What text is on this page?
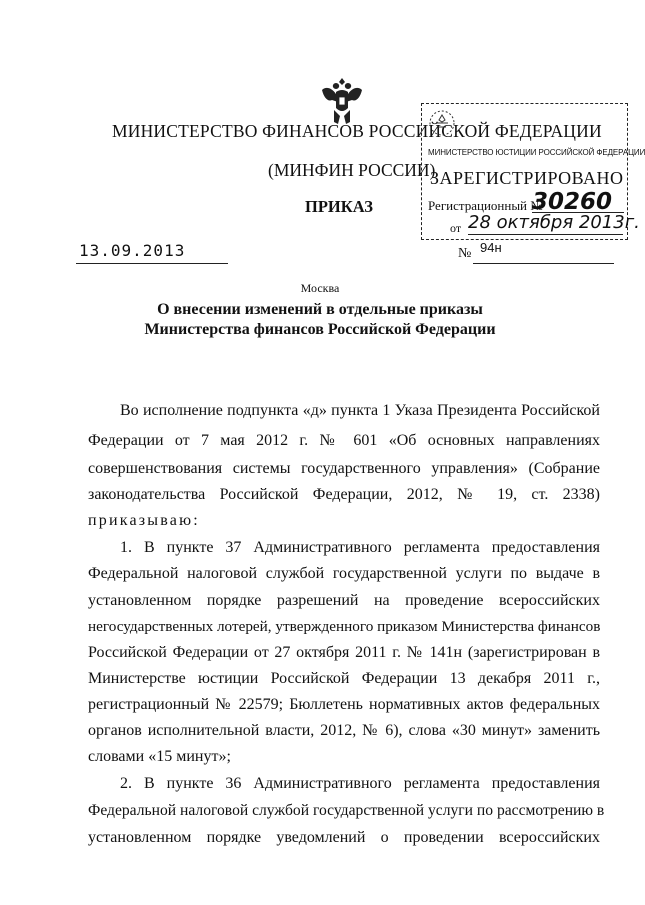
МИНИСТЕРСТВО ФИНАНСОВ РОССИЙСКОЙ ФЕДЕРАЦИИ
(МИНФИН РОССИИ)
ПРИКАЗ
МИНИСТЕРСТВО ЮСТИЦИИ РОССИЙСКОЙ ФЕДЕРАЦИИ
ЗАРЕГИСТРИРОВАНО
Регистрационный №
30260
от 28 октября 2013г.
13.09.2013	№ 94н
Москва
О внесении изменений в отдельные приказы
Министерства финансов Российской Федерации
Во исполнение подпункта «д» пункта 1 Указа Президента Российской
Федерации от 7 мая 2012 г. № 601 «Об основных направлениях
совершенствования системы государственного управления» (Собрание
законодательства Российской Федерации, 2012, № 19, ст. 2338)
приказываю:
1. В пункте 37 Административного регламента предоставления
Федеральной налоговой службой государственной услуги по выдаче в
установленном порядке разрешений на проведение всероссийских
негосударственных лотерей, утвержденного приказом Министерства финансов
Российской Федерации от 27 октября 2011 г. № 141н (зарегистрирован в
Министерстве юстиции Российской Федерации 13 декабря 2011 г.,
регистрационный № 22579; Бюллетень нормативных актов федеральных
органов исполнительной власти, 2012, № 6), слова «30 минут» заменить
словами «15 минут»;
2. В пункте 36 Административного регламента предоставления
Федеральной налоговой службой государственной услуги по рассмотрению в
установленном порядке уведомлений о проведении всероссийских
